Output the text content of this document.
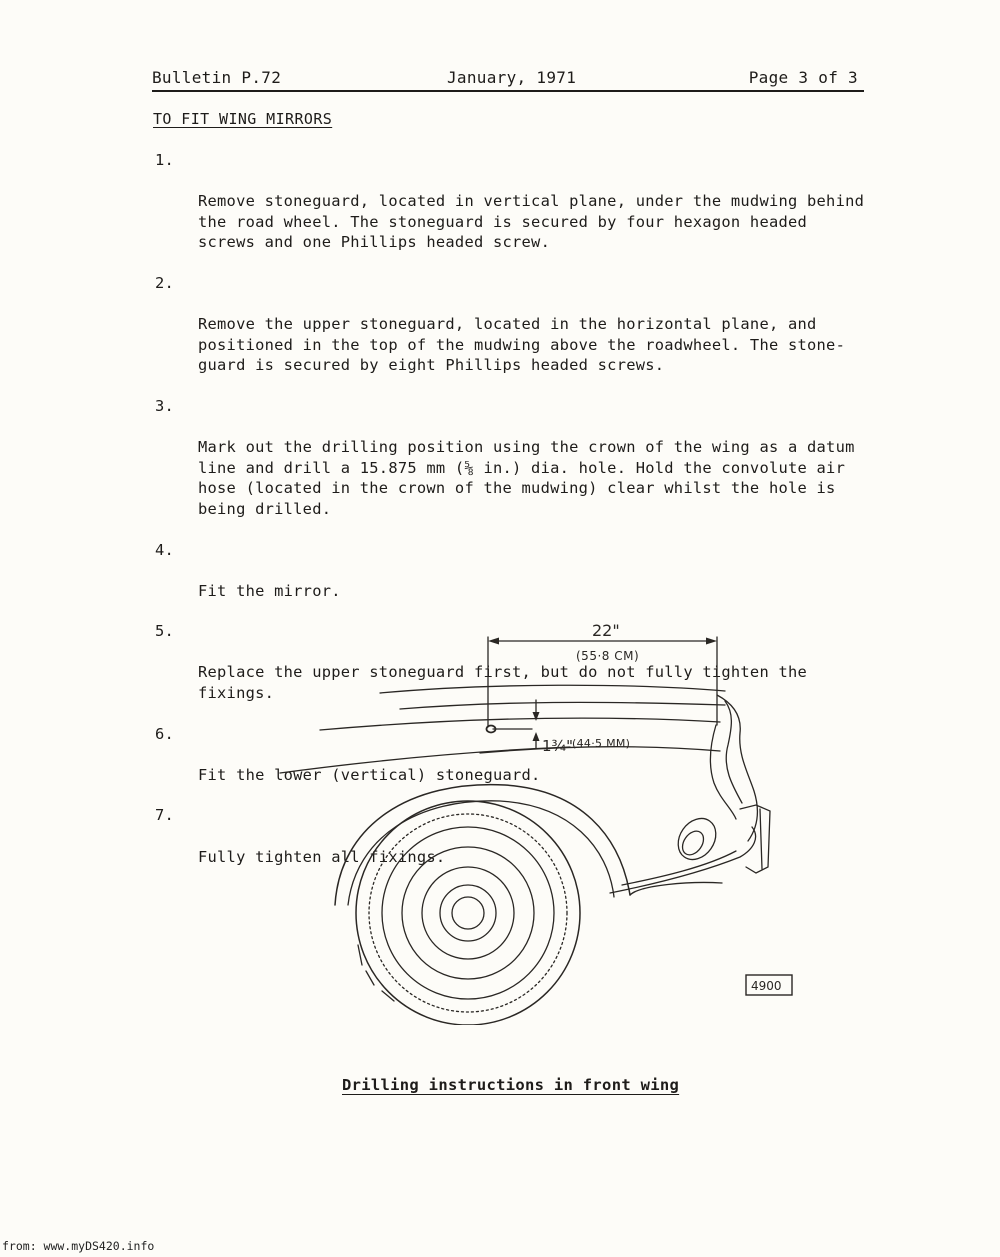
Bulletin P.72	January, 1971	Page 3 of 3
TO FIT WING MIRRORS

1.

Remove stoneguard, located in vertical plane, under the mudwing behind
the road wheel. The stoneguard is secured by four hexagon headed
screws and one Phillips headed screw.

2.

Remove the upper stoneguard, located in the horizontal plane, and
positioned in the top of the mudwing above the roadwheel. The stone-
guard is secured by eight Phillips headed screws.

3.

Mark out the drilling position using the crown of the wing as a datum
line and drill a 15.875 mm (⅝ in.) dia. hole. Hold the convolute air
hose (located in the crown of the mudwing) clear whilst the hole is
being drilled.

4.

Fit the mirror.

5.

Replace the upper stoneguard first, but do not fully tighten the
fixings.

6.

Fit the lower (vertical) stoneguard.

7.

Fully tighten all fixings.

22"
(55·8 CM)
1¾" (44·5 MM)
4900
Drilling instructions in front wing
from: www.myDS420.info
